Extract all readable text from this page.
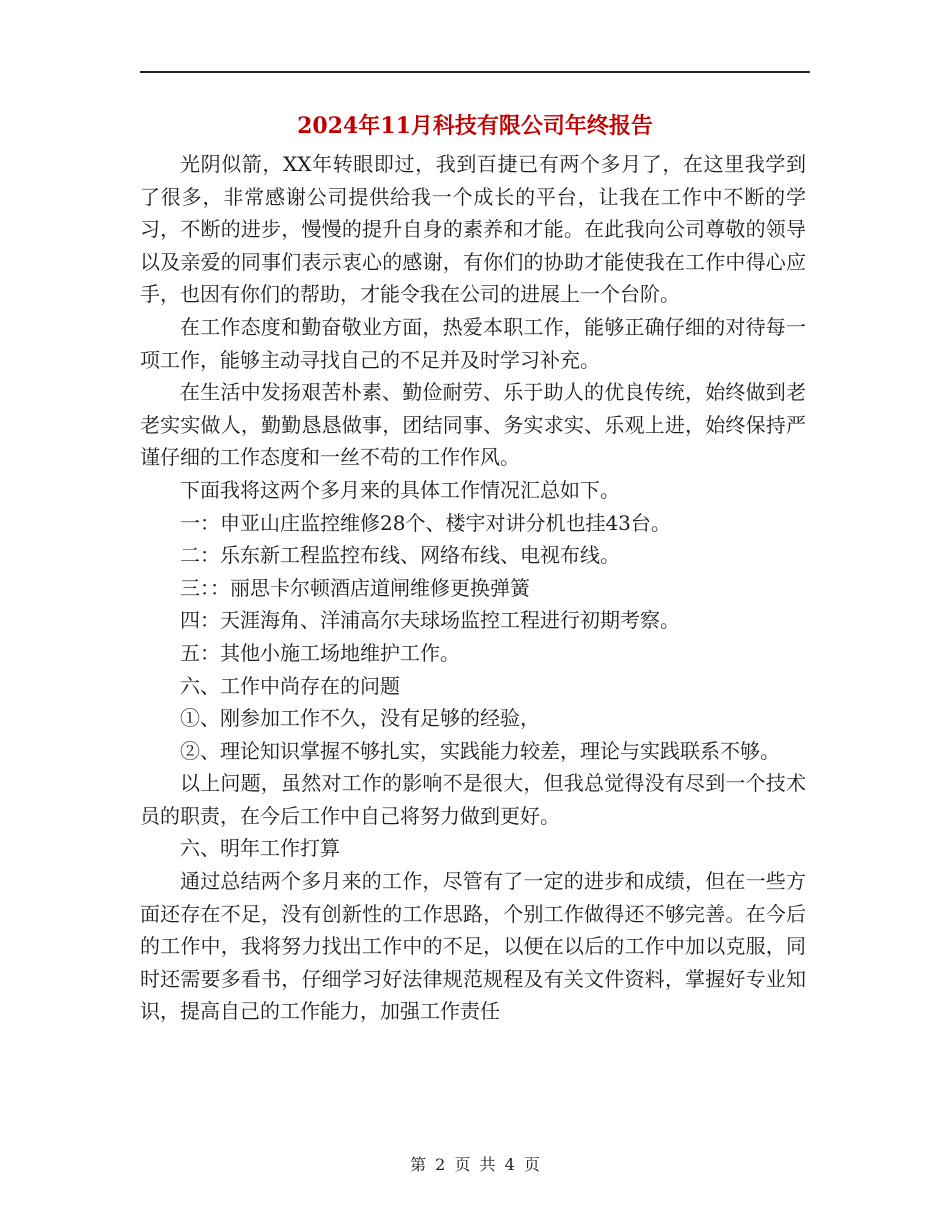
2024年11月科技有限公司年终报告

光阴似箭，XX年转眼即过，我到百捷已有两个多月了，在这里我学到了很多，非常感谢公司提供给我一个成长的平台，让我在工作中不断的学习，不断的进步，慢慢的提升自身的素养和才能。在此我向公司尊敬的领导以及亲爱的同事们表示衷心的感谢，有你们的协助才能使我在工作中得心应手，也因有你们的帮助，才能令我在公司的进展上一个台阶。

在工作态度和勤奋敬业方面，热爱本职工作，能够正确仔细的对待每一项工作，能够主动寻找自己的不足并及时学习补充。

在生活中发扬艰苦朴素、勤俭耐劳、乐于助人的优良传统，始终做到老老实实做人，勤勤恳恳做事，团结同事、务实求实、乐观上进，始终保持严谨仔细的工作态度和一丝不苟的工作作风。

下面我将这两个多月来的具体工作情况汇总如下。

一：申亚山庄监控维修28个、楼宇对讲分机也挂43台。

二：乐东新工程监控布线、网络布线、电视布线。

三：：丽思卡尔顿酒店道闸维修更换弹簧

四：天涯海角、洋浦高尔夫球场监控工程进行初期考察。

五：其他小施工场地维护工作。

六、工作中尚存在的问题

①、刚参加工作不久，没有足够的经验，

②、理论知识掌握不够扎实，实践能力较差，理论与实践联系不够。

以上问题，虽然对工作的影响不是很大，但我总觉得没有尽到一个技术员的职责，在今后工作中自己将努力做到更好。

六、明年工作打算

通过总结两个多月来的工作，尽管有了一定的进步和成绩，但在一些方面还存在不足，没有创新性的工作思路，个别工作做得还不够完善。在今后的工作中，我将努力找出工作中的不足，以便在以后的工作中加以克服，同时还需要多看书，仔细学习好法律规范规程及有关文件资料，掌握好专业知识，提高自己的工作能力，加强工作责任

第 2 页 共 4 页
